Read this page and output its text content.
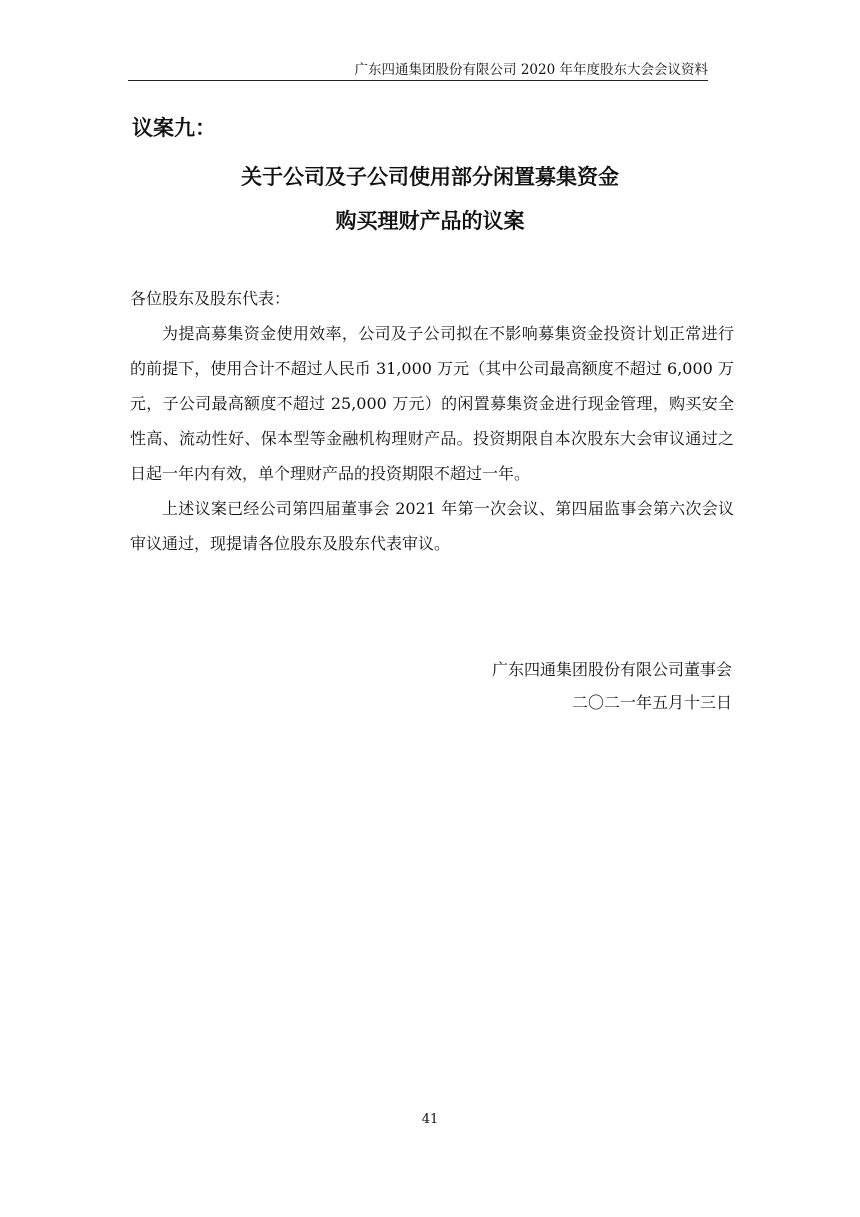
广东四通集团股份有限公司 2020 年年度股东大会会议资料
议案九：
关于公司及子公司使用部分闲置募集资金
购买理财产品的议案
各位股东及股东代表：
为提高募集资金使用效率，公司及子公司拟在不影响募集资金投资计划正常进行的前提下，使用合计不超过人民币 31,000 万元（其中公司最高额度不超过 6,000 万元，子公司最高额度不超过 25,000 万元）的闲置募集资金进行现金管理，购买安全性高、流动性好、保本型等金融机构理财产品。投资期限自本次股东大会审议通过之日起一年内有效，单个理财产品的投资期限不超过一年。
上述议案已经公司第四届董事会 2021 年第一次会议、第四届监事会第六次会议审议通过，现提请各位股东及股东代表审议。
广东四通集团股份有限公司董事会
二〇二一年五月十三日
41
